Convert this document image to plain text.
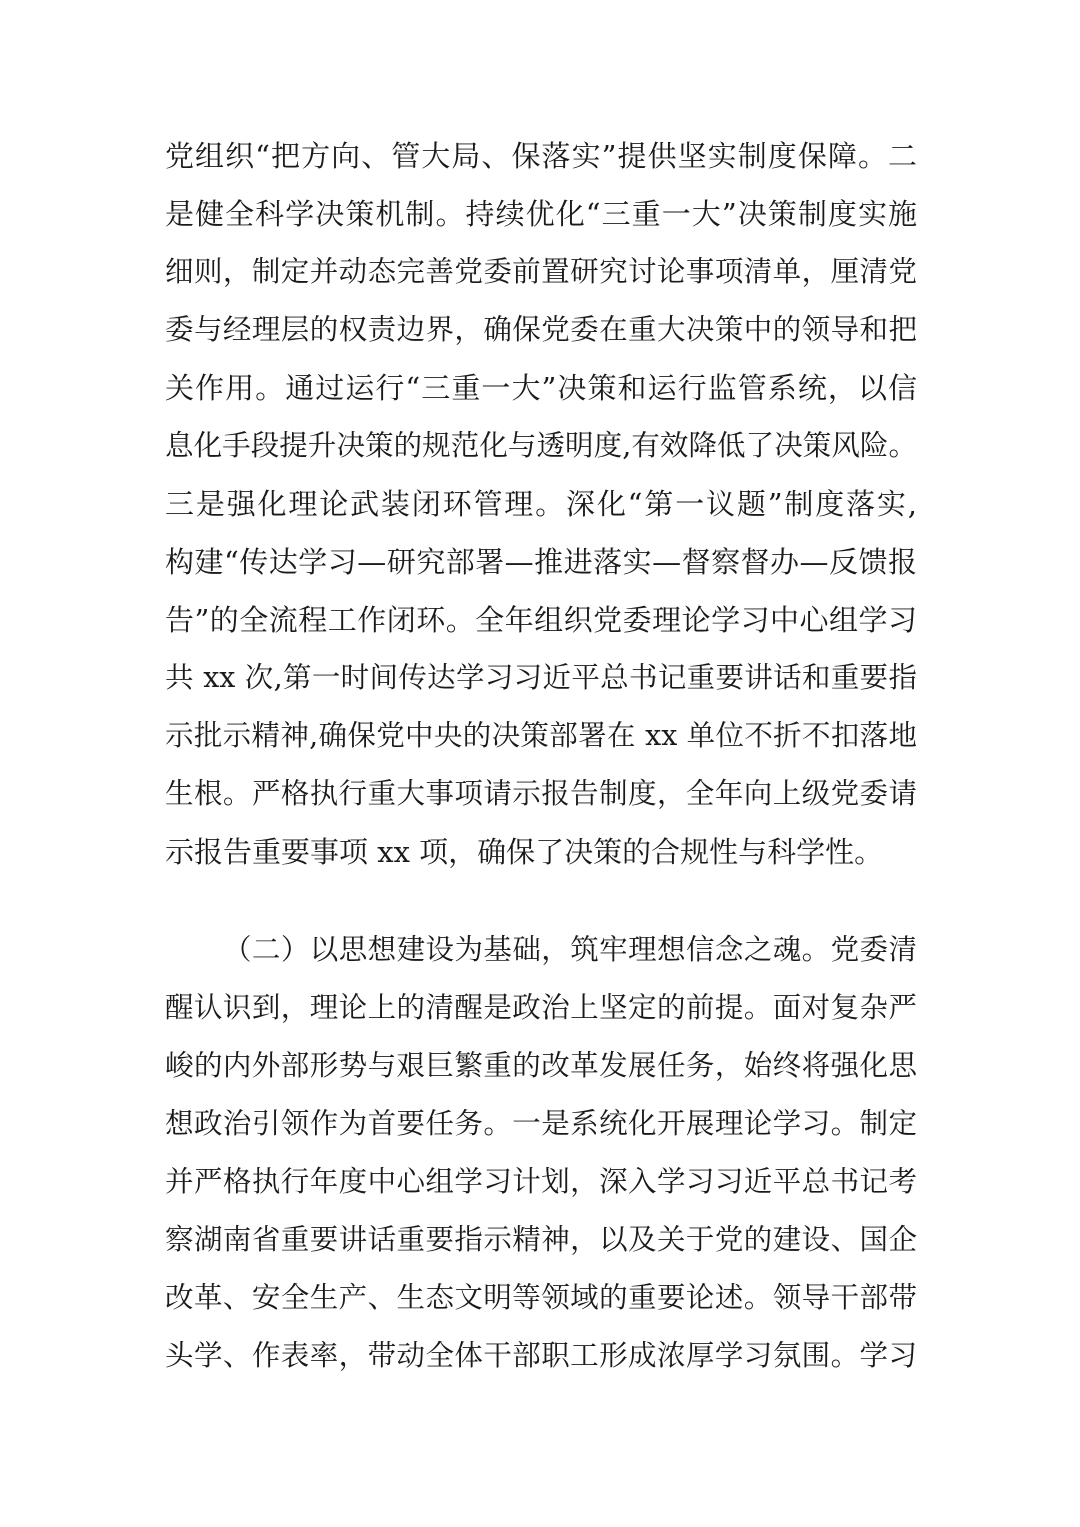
党组织“把方向、管大局、保落实”提供坚实制度保障。二
是健全科学决策机制。持续优化“三重一大”决策制度实施
细则，制定并动态完善党委前置研究讨论事项清单，厘清党
委与经理层的权责边界，确保党委在重大决策中的领导和把
关作用。通过运行“三重一大”决策和运行监管系统，以信
息化手段提升决策的规范化与透明度,有效降低了决策风险。
三是强化理论武装闭环管理。深化“第一议题”制度落实,
构建“传达学习—研究部署—推进落实—督察督办—反馈报
告”的全流程工作闭环。全年组织党委理论学习中心组学习
共 xx 次,第一时间传达学习习近平总书记重要讲话和重要指
示批示精神,确保党中央的决策部署在 xx 单位不折不扣落地
生根。严格执行重大事项请示报告制度，全年向上级党委请
示报告重要事项 xx 项，确保了决策的合规性与科学性。
（二）以思想建设为基础，筑牢理想信念之魂。党委清
醒认识到，理论上的清醒是政治上坚定的前提。面对复杂严
峻的内外部形势与艰巨繁重的改革发展任务，始终将强化思
想政治引领作为首要任务。一是系统化开展理论学习。制定
并严格执行年度中心组学习计划，深入学习习近平总书记考
察湖南省重要讲话重要指示精神，以及关于党的建设、国企
改革、安全生产、生态文明等领域的重要论述。领导干部带
头学、作表率，带动全体干部职工形成浓厚学习氛围。学习
